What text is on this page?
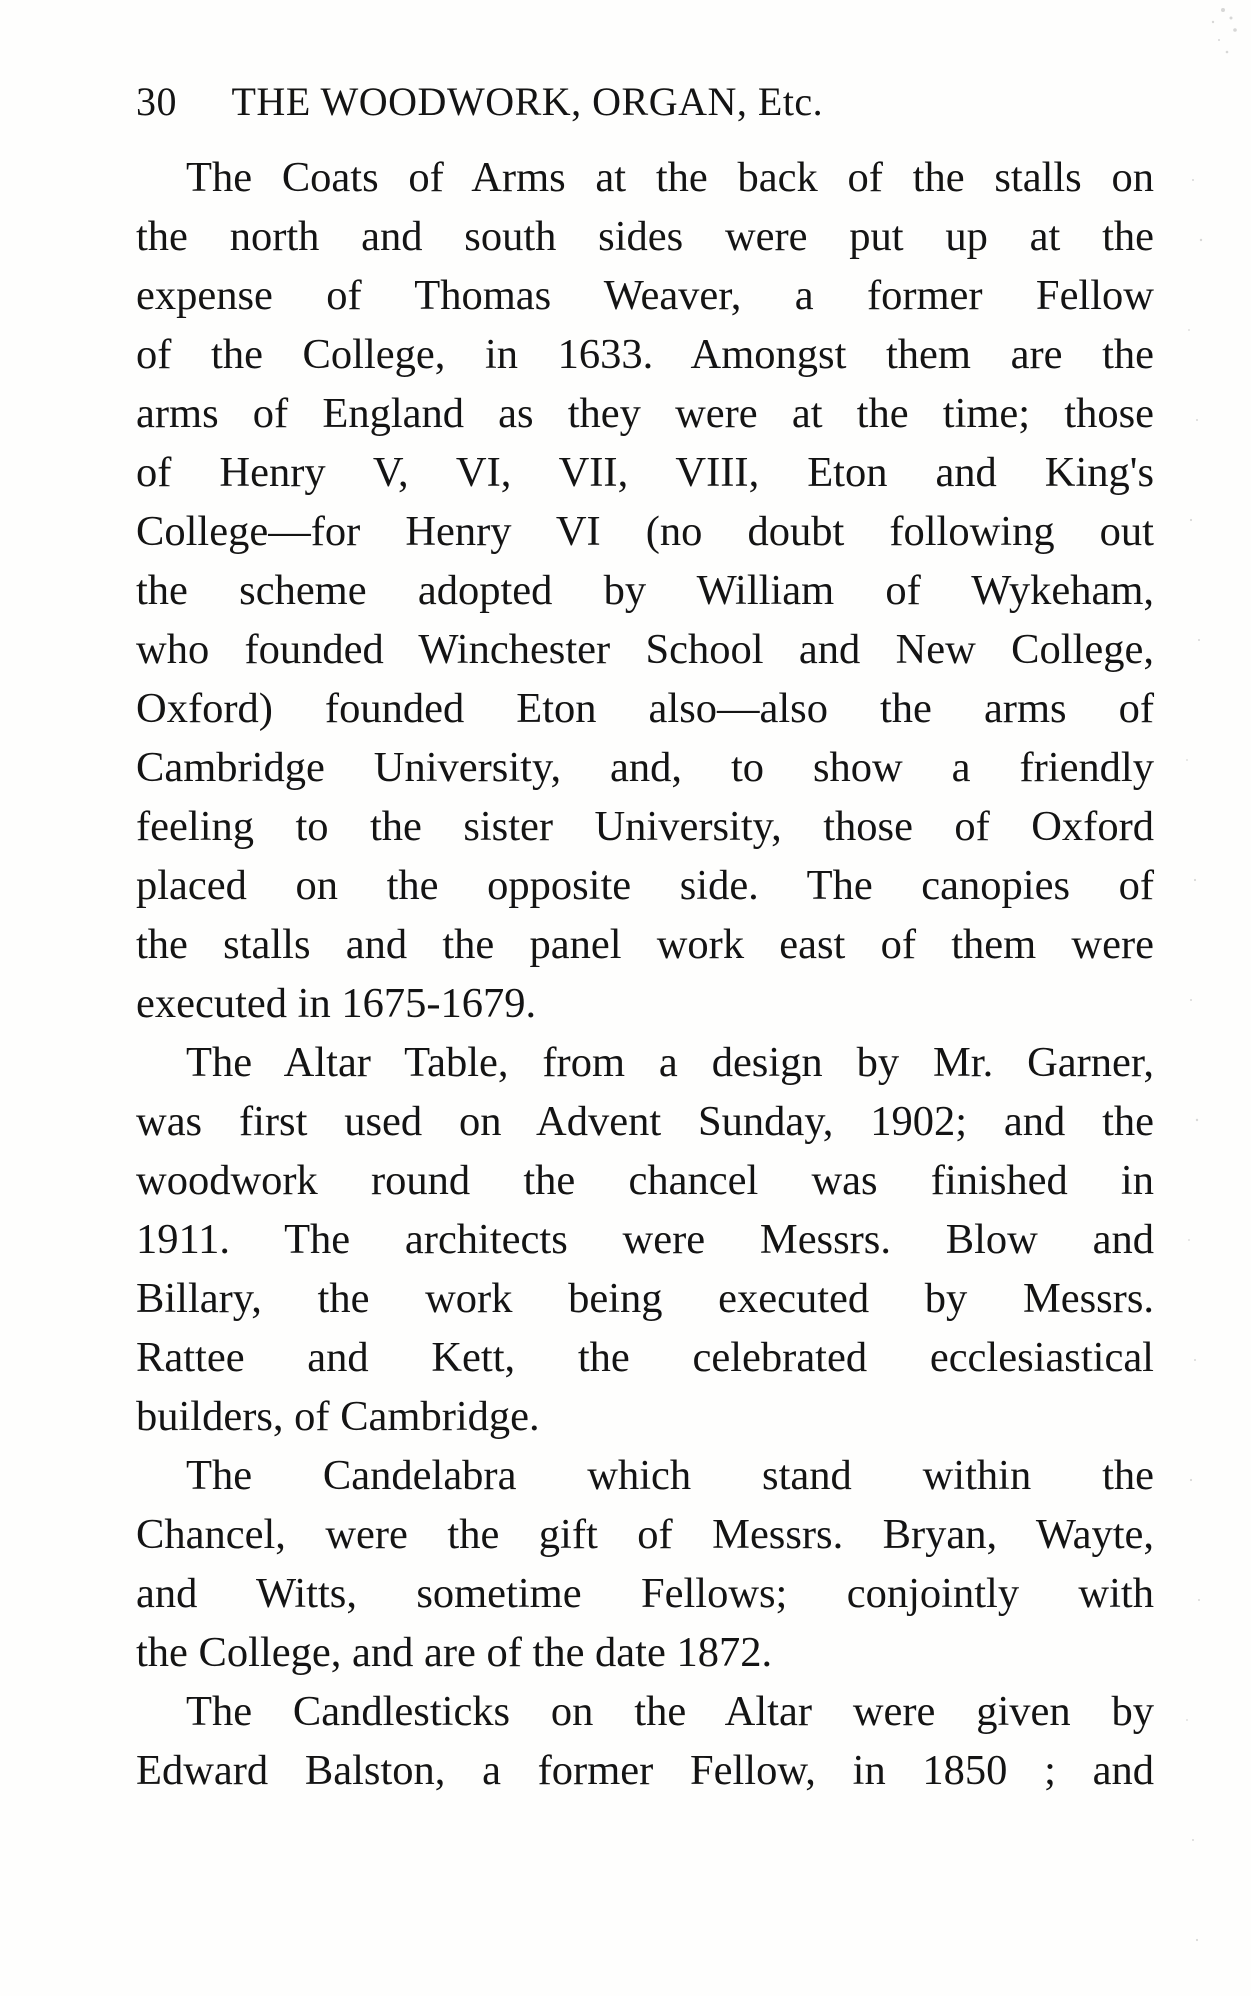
30 THE WOODWORK, ORGAN, Etc.
The Coats of Arms at the back of the stalls on
the north and south sides were put up at the
expense of Thomas Weaver, a former Fellow
of the College, in 1633. Amongst them are the
arms of England as they were at the time; those
of Henry V, VI, VII, VIII, Eton and King's
College—for Henry VI (no doubt following out
the scheme adopted by William of Wykeham,
who founded Winchester School and New College,
Oxford) founded Eton also—also the arms of
Cambridge University, and, to show a friendly
feeling to the sister University, those of Oxford
placed on the opposite side. The canopies of
the stalls and the panel work east of them were
executed in 1675-1679.
The Altar Table, from a design by Mr. Garner,
was first used on Advent Sunday, 1902; and the
woodwork round the chancel was finished in
1911. The architects were Messrs. Blow and
Billary, the work being executed by Messrs.
Rattee and Kett, the celebrated ecclesiastical
builders, of Cambridge.
The Candelabra which stand within the
Chancel, were the gift of Messrs. Bryan, Wayte,
and Witts, sometime Fellows; conjointly with
the College, and are of the date 1872.
The Candlesticks on the Altar were given by
Edward Balston, a former Fellow, in 1850 ; and
